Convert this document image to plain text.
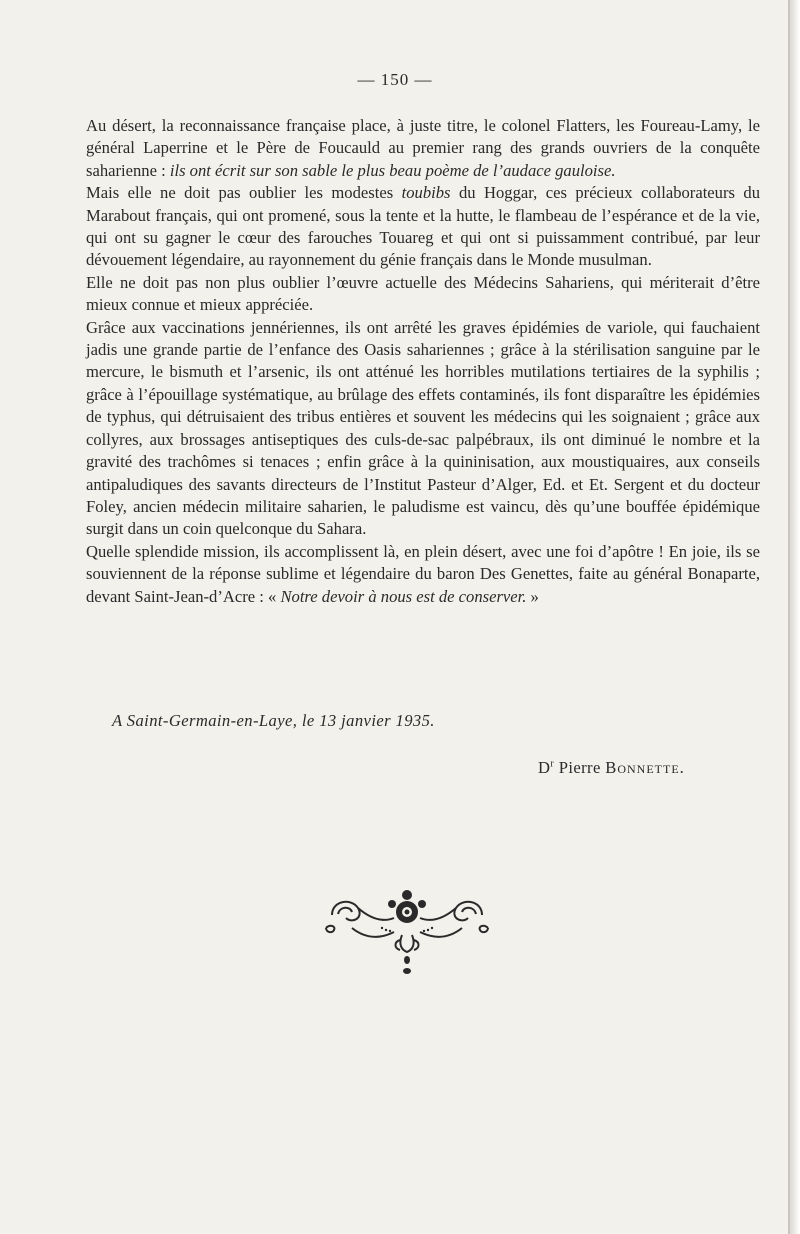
— 150 —

Au désert, la reconnaissance française place, à juste titre, le colonel Flatters, les Foureau-Lamy, le général Laperrine et le Père de Foucauld au premier rang des grands ouvriers de la conquête saharienne : ils ont écrit sur son sable le plus beau poème de l’audace gauloise.

Mais elle ne doit pas oublier les modestes toubibs du Hoggar, ces précieux collaborateurs du Marabout français, qui ont promené, sous la tente et la hutte, le flambeau de l’espérance et de la vie, qui ont su gagner le cœur des farouches Touareg et qui ont si puissamment contribué, par leur dévouement légendaire, au rayonnement du génie français dans le Monde musulman.

Elle ne doit pas non plus oublier l’œuvre actuelle des Médecins Sahariens, qui mériterait d’être mieux connue et mieux appréciée.

Grâce aux vaccinations jennériennes, ils ont arrêté les graves épidémies de variole, qui fauchaient jadis une grande partie de l’enfance des Oasis sahariennes ; grâce à la stérilisation sanguine par le mercure, le bismuth et l’arsenic, ils ont atténué les horribles mutilations tertiaires de la syphilis ; grâce à l’épouillage systématique, au brûlage des effets contaminés, ils font disparaître les épidémies de typhus, qui détruisaient des tribus entières et souvent les médecins qui les soignaient ; grâce aux collyres, aux brossages antiseptiques des culs-de-sac palpébraux, ils ont diminué le nombre et la gravité des trachômes si tenaces ; enfin grâce à la quininisation, aux moustiquaires, aux conseils antipaludiques des savants directeurs de l’Institut Pasteur d’Alger, Ed. et Et. Sergent et du docteur Foley, ancien médecin militaire saharien, le paludisme est vaincu, dès qu’une bouffée épidémique surgit dans un coin quelconque du Sahara.

Quelle splendide mission, ils accomplissent là, en plein désert, avec une foi d’apôtre ! En joie, ils se souviennent de la réponse sublime et légendaire du baron Des Genettes, faite au général Bonaparte, devant Saint-Jean-d’Acre : « Notre devoir à nous est de conserver. »

A Saint-Germain-en-Laye, le 13 janvier 1935.
$D^r$ Pierre Bonnette.
